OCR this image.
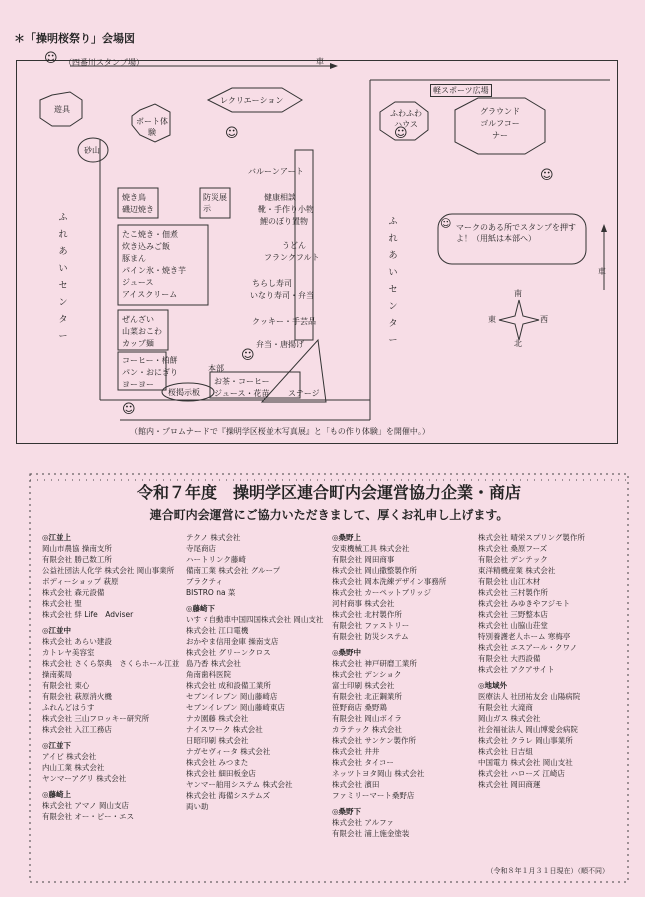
＊「操明桜祭り」会場図
☺
☺	☺
☺
☺
☺
☺
（四番川スタンプ場）	車
車
軽スポーツ広場
遊具
ボート体験
砂山
レクリエーション
ふわふわハウス
グラウンドゴルフコーナー
バルーンアート
焼き鳥
磯辺焼き
防災展示
健康相談
靴・手作り小物
鯉のぼり置物
たこ焼き・佃煮
炊き込みご飯
豚まん
パイン氷・焼き芋
ジュース
アイスクリーム
うどん
フランクフルト
ちらし寿司
いなり寿司・弁当
ぜんざい
山菜おこわ
カップ麺
クッキー・手芸品
弁当・唐揚げ
コーヒー・柏餅
パン・おにぎり
ヨーヨー
本部
お茶・コーヒー
ジュース・花苗 ステージ
桜掲示板
ふれあいセンター
ふれあいセンター
マークのある所でスタンプを押すよ！（用紙は本部へ）
南
北
東	西
（館内・プロムナードで『操明学区桜並木写真展』と「もの作り体験」を開催中。）
令和７年度　操明学区連合町内会運営協力企業・商店
連合町内会運営にご協力いただきまして、厚くお礼申し上げます。
◎江並上
岡山市農協 操南支所
有限会社 勝己数工所
公益社団法人化学 株式会社 岡山事業所
ボディーショップ 萩原
株式会社 森元設備
株式会社 聖
株式会社 絆 Life　Adviser
◎江並中
株式会社 あらい建設
カトレヤ美容室
株式会社 さくら祭典　さくらホール江並
操南薬局
有限会社 東心
有限会社 萩原消火機
ふれんどはうす
株式会社 三山フロッキー研究所
株式会社 入江工務店
◎江並下
アイビ 株式会社
内山工業 株式会社
ヤンマーアグリ 株式会社
◎藤崎上
株式会社 アマノ 岡山支店
有限会社 オー・ピー・エス
テクノ 株式会社
寺尾商店
ハートリンク藤崎
備南工業 株式会社 グループ
ブラクティ
BISTRO na 菜
◎藤崎下
いすゞ自動車中国四国株式会社 岡山支社
株式会社 江口電機
おかやま信用金庫 操南支店
株式会社 グリーンクロス
島乃香 株式会社
角南歯科医院
株式会社 成和設備工業所
セブンイレブン 岡山藤崎店
セブンイレブン 岡山藤崎東店
ナカ園藤 株式会社
ナイスワーク 株式会社
日昭印刷 株式会社
ナガセヴィータ 株式会社
株式会社 みつまた
株式会社 細田板金店
ヤンマー舶用システム 株式会社
株式会社 海備システムズ
両い助
◎桑野上
安東機械工具 株式会社
有限会社 岡田商事
株式会社 岡山撒整製作所
株式会社 岡本洗練デザイン事務所
株式会社 カーペットブリッジ
河村商事 株式会社
株式会社 北村製作所
有限会社 ファストリー
有限会社 防災システム
◎桑野中
株式会社 神戸研磨工業所
株式会社 デンショク
富士印刷 株式会社
有限会社 北正鋼業所
笹野商店 桑野鶏
有限会社 岡山ボイラ
カラテック 株式会社
株式会社 サンケン製作所
株式会社 井井
株式会社 タイコー
ネッツトヨタ岡山 株式会社
株式会社 濱田
ファミリーマート桑野店
◎桑野下
株式会社 アルファ
有限会社 浦上施金塗装
株式会社 晴栄スプリング製作所
株式会社 桑原フーズ
有限会社 デンテック
東洋精機産業 株式会社
有限会社 山江木材
株式会社 三村製作所
株式会社 みゆきやフジモト
株式会社 三野整本店
株式会社 山脇山荘堂
特別養護老人ホーム 寒梅亭
株式会社 エスアール・クワノ
有限会社 大西設備
株式会社 アクアサイト
◎地域外
医療法人 社団祐友会 山陽病院
有限会社 大滝商
岡山ガス 株式会社
社会福祉法人 岡山博愛会病院
株式会社 クラレ 岡山事業所
株式会社 日吉組
中国電力 株式会社 岡山支社
株式会社 ハローズ 江崎店
株式会社 岡田商運
（令和８年１月３１日現在）（順不同）
